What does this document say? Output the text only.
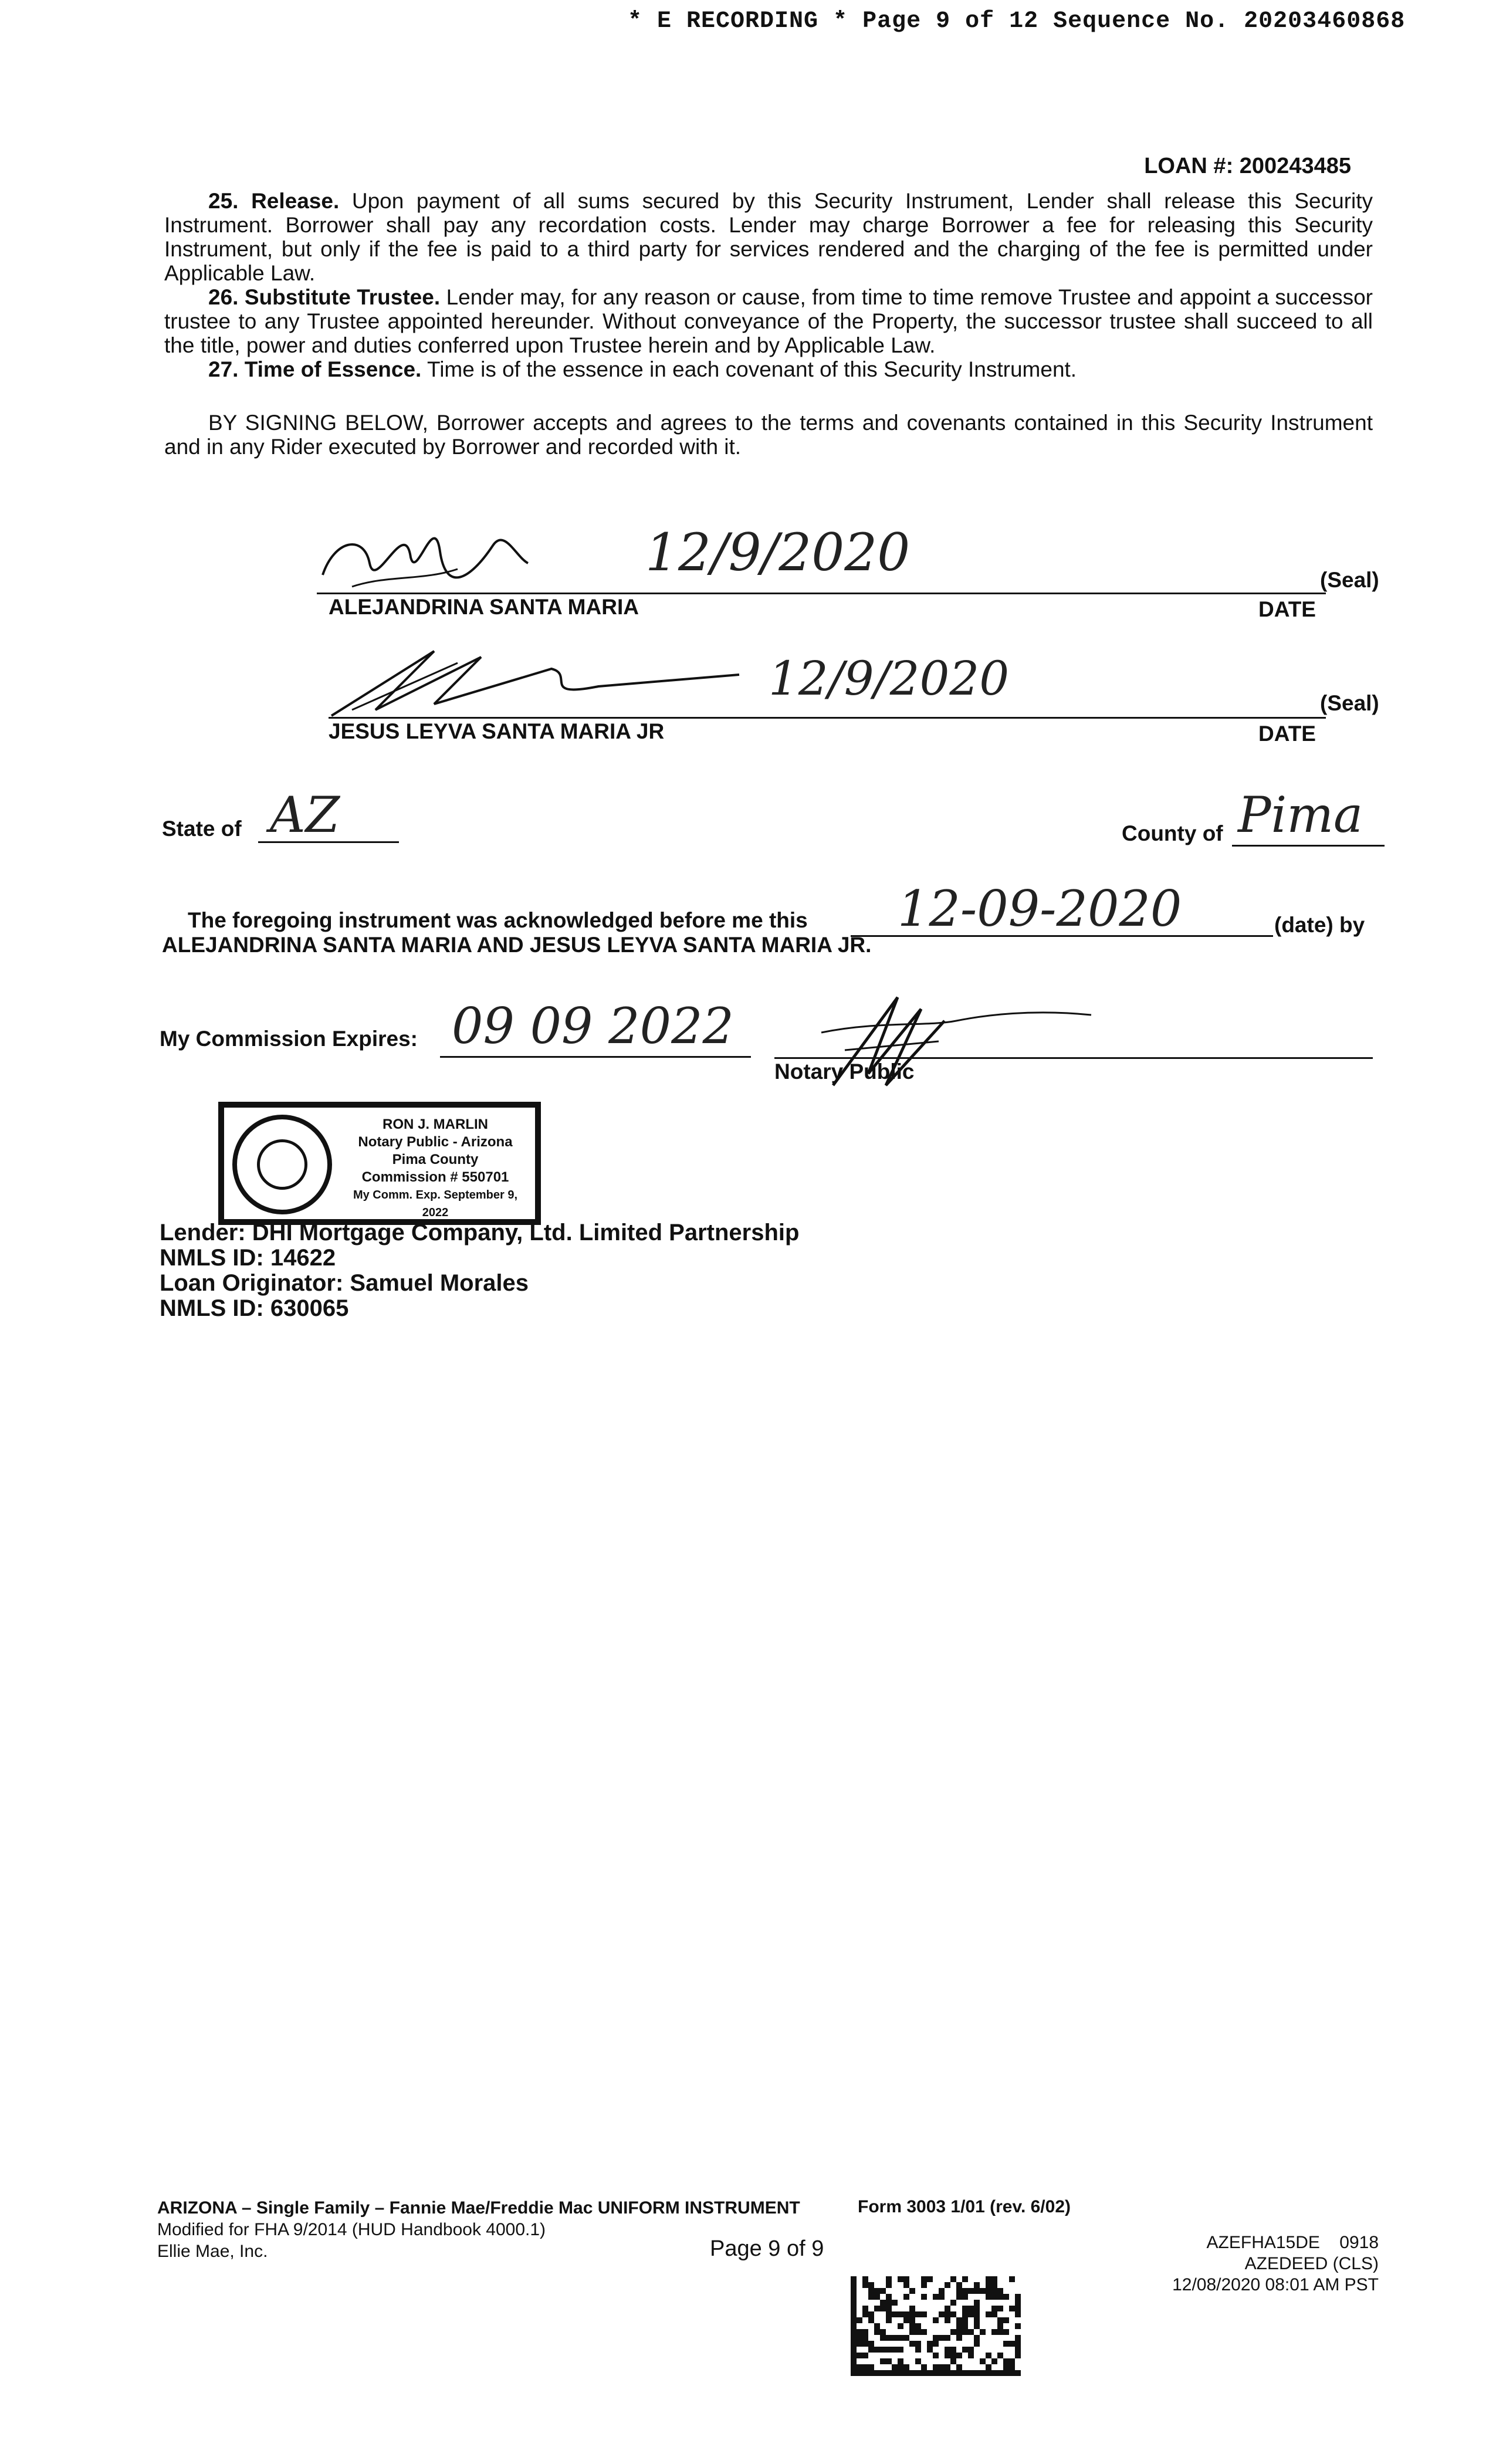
* E RECORDING * Page 9 of 12 Sequence No. 20203460868
LOAN #: 200243485

25. Release. Upon payment of all sums secured by this Security Instrument, Lender shall release this Security Instrument. Borrower shall pay any recordation costs. Lender may charge Borrower a fee for releasing this Security Instrument, but only if the fee is paid to a third party for services rendered and the charging of the fee is permitted under Applicable Law.

26. Substitute Trustee. Lender may, for any reason or cause, from time to time remove Trustee and appoint a successor trustee to any Trustee appointed hereunder. Without conveyance of the Property, the successor trustee shall succeed to all the title, power and duties conferred upon Trustee herein and by Applicable Law.

27. Time of Essence. Time is of the essence in each covenant of this Security Instrument.

BY SIGNING BELOW, Borrower accepts and agrees to the terms and covenants contained in this Security Instrument and in any Rider executed by Borrower and recorded with it.

12/9/2020
ALEJANDRINA SANTA MARIA
(Seal)
DATE
12/9/2020
JESUS LEYVA SANTA MARIA JR
(Seal)
DATE
State of AZ	County of Pima
The foregoing instrument was acknowledged before me this 12-09-2020	(date) by
ALEJANDRINA SANTA MARIA AND JESUS LEYVA SANTA MARIA JR.
My Commission Expires: 09 09 2022
Notary Public
RON J. MARLIN
Notary Public - Arizona
Pima County
Commission # 550701
My Comm. Exp. September 9, 2022
Lender: DHI Mortgage Company, Ltd. Limited Partnership
NMLS ID: 14622
Loan Originator: Samuel Morales
NMLS ID: 630065
ARIZONA – Single Family – Fannie Mae/Freddie Mac UNIFORM INSTRUMENT
Modified for FHA 9/2014 (HUD Handbook 4000.1)
Ellie Mae, Inc.
Form 3003 1/01 (rev. 6/02)
Page 9 of 9	AZEFHA15DE    0918
AZEDEED (CLS)
12/08/2020 08:01 AM PST
